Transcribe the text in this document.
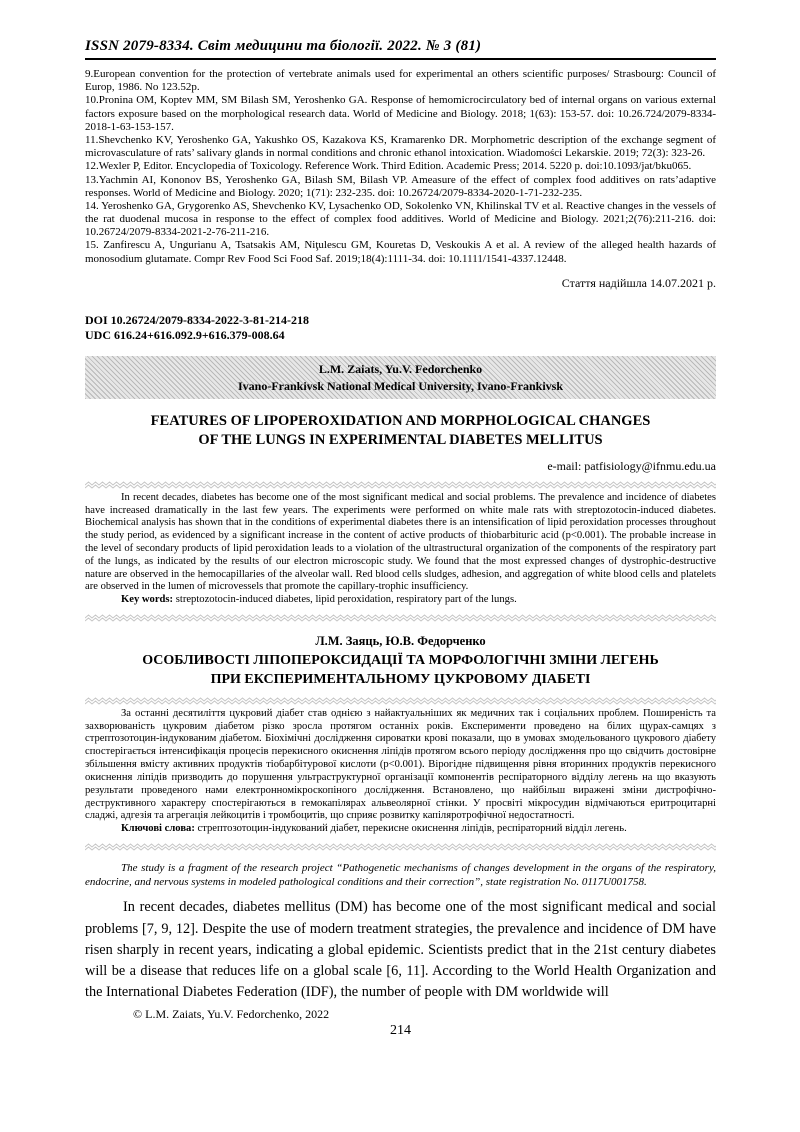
ISSN 2079-8334. Світ медицини та біології. 2022. № 3 (81)

9.European convention for the protection of vertebrate animals used for experimental an others scientific purposes/ Strasbourg: Council of Europ, 1986. No 123.52p.

10.Pronina OM, Koptev MM, SM Bilash SM, Yeroshenko GA. Response of hemomicrocirculatory bed of internal organs on various external factors exposure based on the morphological research data. World of Medicine and Biology. 2018; 1(63): 153-57. doi: 10.26.724/2079-8334-2018-1-63-153-157.

11.Shevchenko KV, Yeroshenko GA, Yakushko OS, Kazakova KS, Kramarenko DR. Morphometric description of the exchange segment of microvasculature of rats’ salivary glands in normal conditions and chronic ethanol intoxication. Wiadomości Lekarskie. 2019; 72(3): 323-26.

12.Wexler P, Editor. Encyclopedia of Toxicology. Reference Work. Third Edition. Academic Press; 2014. 5220 p. doi:10.1093/jat/bku065.

13.Yachmin AI, Kononov BS, Yeroshenko GA, Bilash SM, Bilash VP. Ameasure of the effect of complex food additives on rats’adaptive responses. World of Medicine and Biology. 2020; 1(71): 232-235. doi: 10.26724/2079-8334-2020-1-71-232-235.

14. Yeroshenko GA, Grygorenko AS, Shevchenko KV, Lysachenko OD, Sokolenko VN, Khilinskal TV et al. Reactive changes in the vessels of the rat duodenal mucosa in response to the effect of complex food additives. World of Medicine and Biology. 2021;2(76):211-216. doi: 10.26724/2079-8334-2021-2-76-211-216.

15. Zanfirescu A, Ungurianu A, Tsatsakis AM, Niţulescu GM, Kouretas D, Veskoukis A et al. A review of the alleged health hazards of monosodium glutamate. Compr Rev Food Sci Food Saf. 2019;18(4):1111-34. doi: 10.1111/1541-4337.12448.

Стаття надійшла 14.07.2021 р.
DOI 10.26724/2079-8334-2022-3-81-214-218
UDC 616.24+616.092.9+616.379-008.64
L.M. Zaiats, Yu.V. Fedorchenko
Ivano-Frankivsk National Medical University, Ivano-Frankivsk
FEATURES OF LIPOPEROXIDATION AND MORPHOLOGICAL CHANGES
OF THE LUNGS IN EXPERIMENTAL DIABETES MELLITUS
e-mail: patfisiology@ifnmu.edu.ua

In recent decades, diabetes has become one of the most significant medical and social problems. The prevalence and incidence of diabetes have increased dramatically in the last few years. The experiments were performed on white male rats with streptozotocin-induced diabetes. Biochemical analysis has shown that in the conditions of experimental diabetes there is an intensification of lipid peroxidation processes throughout the study period, as evidenced by a significant increase in the content of active products of thiobarbituric acid (p<0.001). The probable increase in the level of secondary products of lipid peroxidation leads to a violation of the ultrastructural organization of the components of the respiratory part of the lungs, as indicated by the results of our electron microscopic study. We found that the most expressed changes of dystrophic-destructive nature are observed in the hemocapillaries of the alveolar wall. Red blood cells sludges, adhesion, and aggregation of white blood cells and platelets are observed in the lumen of microvessels that promote the capillary-trophic insufficiency.

Key words: streptozotocin-induced diabetes, lipid peroxidation, respiratory part of the lungs.

Л.М. Заяць, Ю.В. Федорченко
ОСОБЛИВОСТІ ЛІПОПЕРОКСИДАЦІЇ ТА МОРФОЛОГІЧНІ ЗМІНИ ЛЕГЕНЬ
ПРИ ЕКСПЕРИМЕНТАЛЬНОМУ ЦУКРОВОМУ ДІАБЕТІ

За останні десятиліття цукровий діабет став однією з найактуальніших як медичних так і соціальних проблем. Поширеність та захворюваність цукровим діабетом різко зросла протягом останніх років. Експерименти проведено на білих щурах-самцях з стрептозотоцин-індукованим діабетом. Біохімічні дослідження сироватки крові показали, що в умовах змодельованого цукрового діабету спостерігається інтенсифікація процесів перекисного окиснення ліпідів протягом всього періоду дослідження про що свідчить достовірне збільшення вмісту активних продуктів тіобарбітурової кислоти (р<0.001). Вірогідне підвищення рівня вторинних продуктів перекисного окиснення ліпідів призводить до порушення ультраструктурної організації компонентів респіраторного відділу легень на що вказують результати проведеного нами електронномікроскопіного дослідження. Встановлено, що найбільш виражені зміни дистрофічно-деструктивного характеру спостерігаються в гемокапілярах альвеолярної стінки. У просвіті мікросудин відмічаються еритроцитарні сладжі, адгезія та агрегація лейкоцитів і тромбоцитів, що сприяє розвитку капіляротрофічної недостатності.

Ключові слова: стрептозотоцин-індукований діабет, перекисне окиснення ліпідів, респіраторний відділ легень.

The study is a fragment of the research project “Pathogenetic mechanisms of changes development in the organs of the respiratory, endocrine, and nervous systems in modeled pathological conditions and their correction”, state registration No. 0117U001758.

In recent decades, diabetes mellitus (DM) has become one of the most significant medical and social problems [7, 9, 12]. Despite the use of modern treatment strategies, the prevalence and incidence of DM have risen sharply in recent years, indicating a global epidemic. Scientists predict that in the 21st century diabetes will be a disease that reduces life on a global scale [6, 11]. According to the World Health Organization and the International Diabetes Federation (IDF), the number of people with DM worldwide will

© L.M. Zaiats, Yu.V. Fedorchenko, 2022
214
